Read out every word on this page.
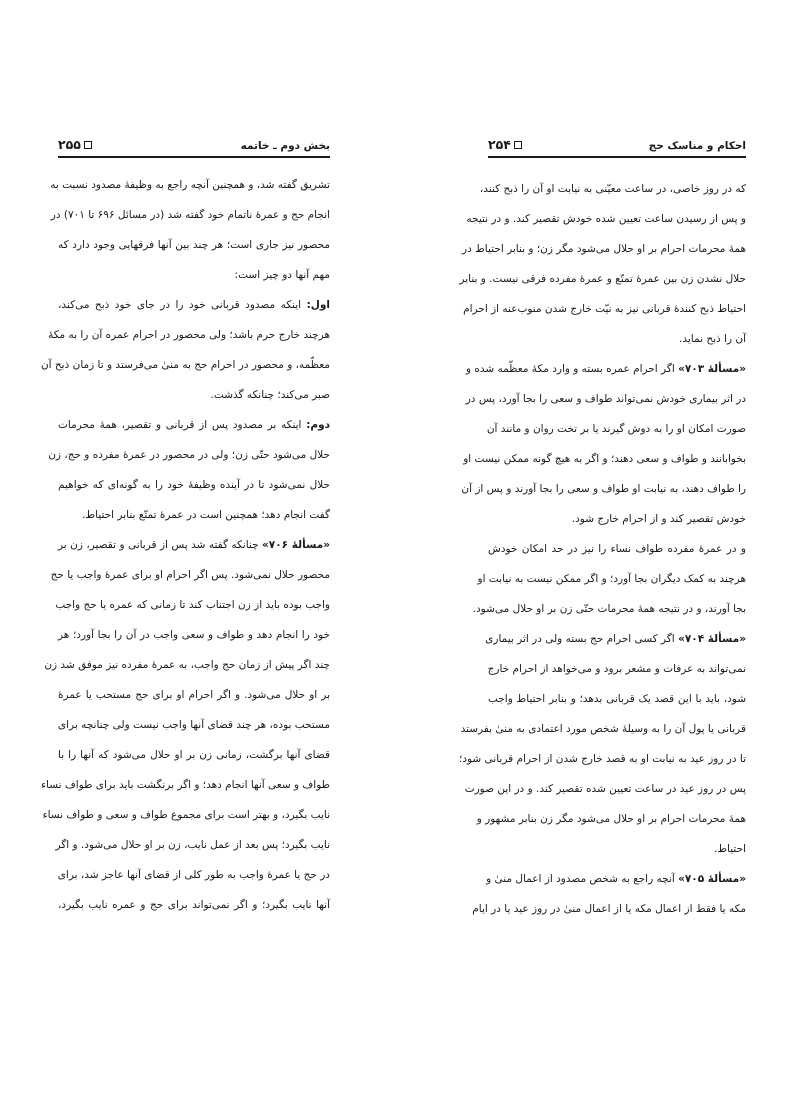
بخش دوم ـ خاتمه
۲۵۵
تشریق گفته شد، و همچنین آنچه راجع به وظیفهٔ مصدود نسبت به
انجام حج و عمرهٔ ناتمام خود گفته شد (در مسائل ۶۹۶ تا ۷۰۱) در
محصور نیز جاری است؛ هر چند بین آنها فرقهایی وجود دارد که
مهم آنها دو چیز است:
اول: اینکه مصدود قربانی خود را در جای خود ذبح می‌کند،
هرچند خارج حرم باشد؛ ولی محصور در احرام عمره آن را به مکهٔ
معظّمه، و محصور در احرام حج به منیٰ می‌فرستد و تا زمان ذبح آن
صبر می‌کند؛ چنانکه گذشت.
دوم: اینکه بر مصدود پس از قربانی و تقصیر، همهٔ محرمات
حلال می‌شود حتّی زن؛ ولی در محصور در عمرهٔ مفرده و حج، زن
حلال نمی‌شود تا در آینده وظیفهٔ خود را به گونه‌ای که خواهیم
گفت انجام دهد؛ همچنین است در عمرهٔ تمتّع بنابر احتیاط.
«مسألهٔ ۷۰۶» چنانکه گفته شد پس از قربانی و تقصیر، زن بر
محصور حلال نمی‌شود. پس اگر احرام او برای عمرهٔ واجب یا حج
واجب بوده باید از زن اجتناب کند تا زمانی که عمره یا حج واجب
خود را انجام دهد و طواف و سعی واجب در آن را بجا آورد؛ هر
چند اگر پیش از زمان حج واجب، به عمرهٔ مفرده نیز موفق شد زن
بر او حلال می‌شود. و اگر احرام او برای حج مستحب یا عمرهٔ
مستحب بوده، هر چند قضای آنها واجب نیست ولی چنانچه برای
قضای آنها برگشت، زمانی زن بر او حلال می‌شود که آنها را با
طواف و سعی آنها انجام دهد؛ و اگر برنگشت باید برای طواف نساء
نایب بگیرد، و بهتر است برای مجموع طواف و سعی و طواف نساء
نایب بگیرد؛ پس بعد از عمل نایب، زن بر او حلال می‌شود. و اگر
در حج یا عمرهٔ واجب به طور کلی از قضای آنها عاجز شد، برای
آنها نایب بگیرد؛ و اگر نمی‌تواند برای حج و عمره نایب بگیرد،
احکام و مناسک حج
۲۵۴
که در روز خاصی، در ساعت معیّنی به نیابت او آن را ذبح کنند،
و پس از رسیدن ساعت تعیین شده خودش تقصیر کند. و در نتیجه
همهٔ محرمات احرام بر او حلال می‌شود مگر زن؛ و بنابر احتیاط در
حلال نشدن زن بین عمرهٔ تمتّع و عمرهٔ مفرده فرقی نیست. و بنابر
احتیاط ذبح کنندهٔ قربانی نیز به نیّت خارج شدن منوب‌عنه از احرام
آن را ذبح نماید.
«مسألهٔ ۷۰۳» اگر احرام عمره بسته و وارد مکهٔ معظّمه شده و
در اثر بیماری خودش نمی‌تواند طواف و سعی را بجا آورد، پس در
صورت امکان او را به دوش گیرند یا بر تخت روان و مانند آن
بخوابانند و طواف و سعی دهند؛ و اگر به هیچ گونه ممکن نیست او
را طواف دهند، به نیابت او طواف و سعی را بجا آورند و پس از آن
خودش تقصیر کند و از احرام خارج شود.
و در عمرهٔ مفرده طواف نساء را نیز در حد امکان خودش
هرچند به کمک دیگران بجا آورد؛ و اگر ممکن نیست به نیابت او
بجا آورند، و در نتیجه همهٔ محرمات حتّی زن بر او حلال می‌شود.
«مسألهٔ ۷۰۴» اگر کسی احرام حج بسته ولی در اثر بیماری
نمی‌تواند به عرفات و مشعر برود و می‌خواهد از احرام خارج
شود، باید با این قصد یک قربانی بدهد؛ و بنابر احتیاط واجب
قربانی یا پول آن را به وسیلهٔ شخص مورد اعتمادی به منیٰ بفرستد
تا در روز عید به نیابت او به قصد خارج شدن از احرام قربانی شود؛
پس در روز عید در ساعت تعیین شده تقصیر کند. و در این صورت
همهٔ محرمات احرام بر او حلال می‌شود مگر زن بنابر مشهور و
احتیاط.
«مسألهٔ ۷۰۵» آنچه راجع به شخص مصدود از اعمال منیٰ و
مکه یا فقط از اعمال مکه یا از اعمال منیٰ در روز عید یا در ایام
